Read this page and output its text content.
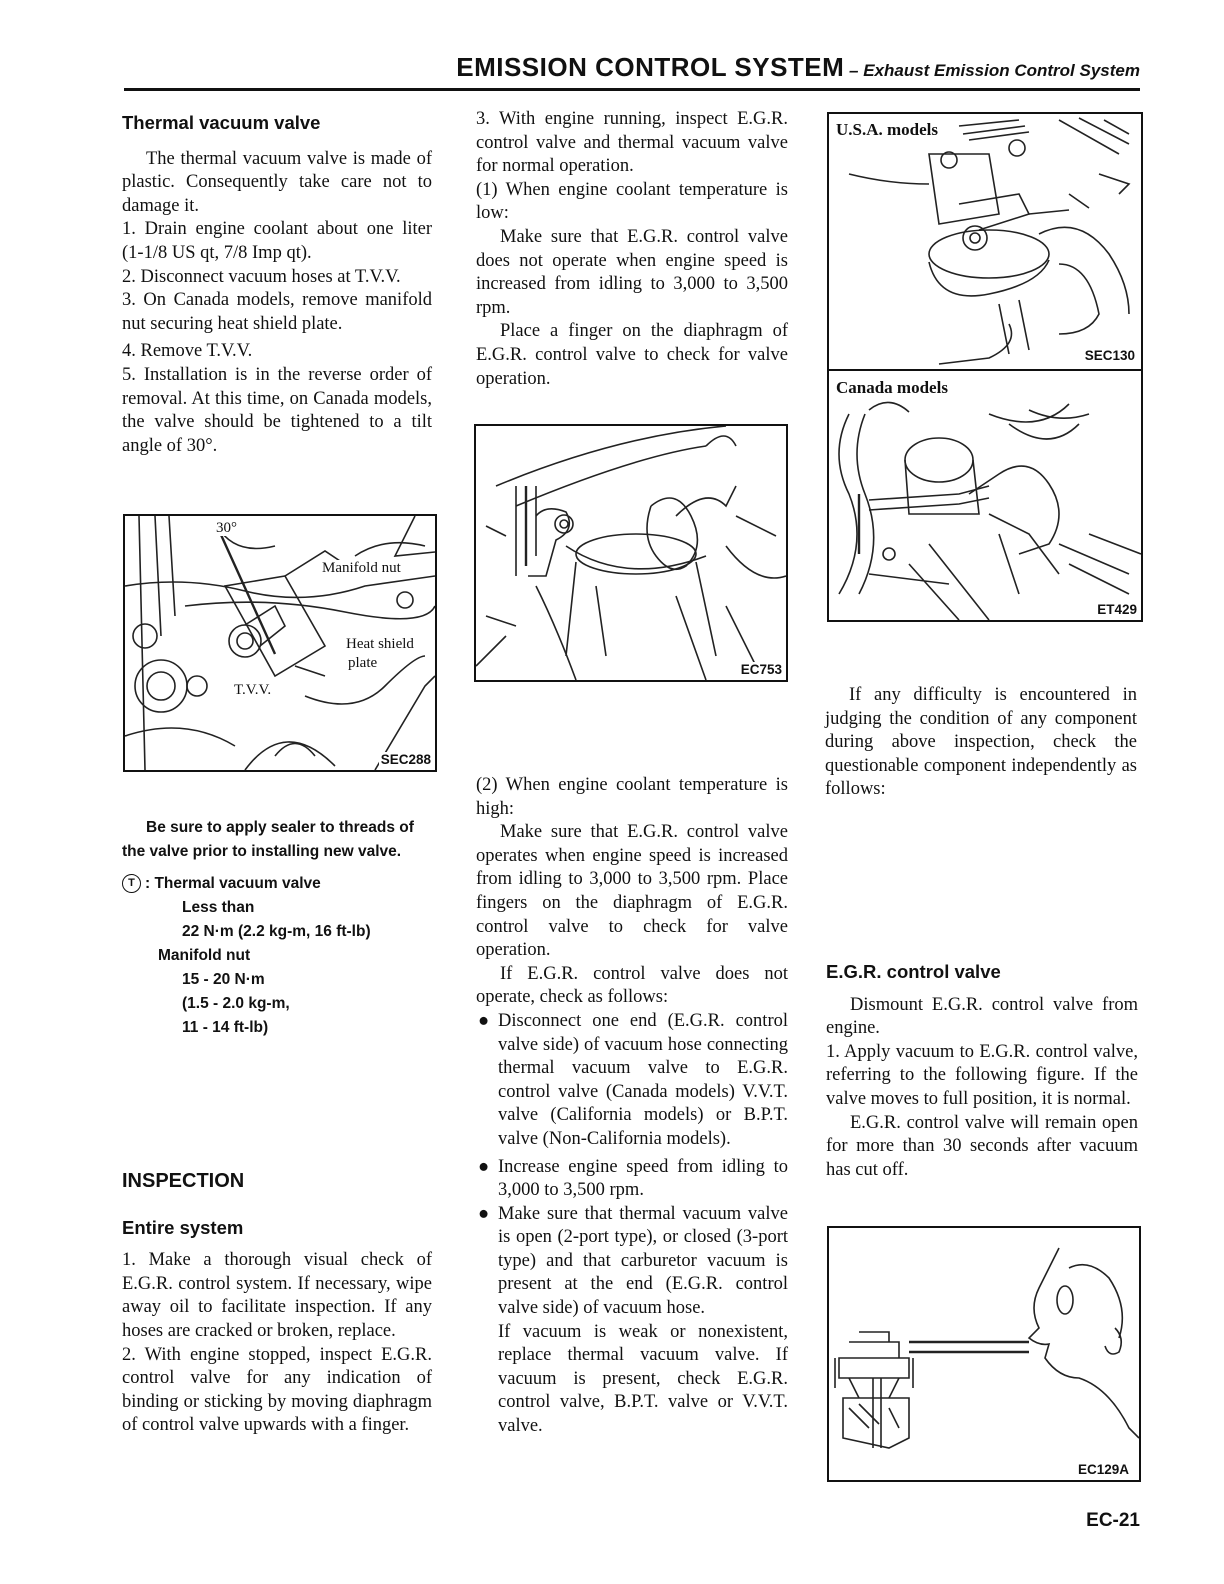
EMISSION CONTROL SYSTEM – Exhaust Emission Control System
Thermal vacuum valve

The thermal vacuum valve is made of plastic. Consequently take care not to damage it.

1. Drain engine coolant about one liter (1-1/8 US qt, 7/8 Imp qt).

2. Disconnect vacuum hoses at T.V.V.

3. On Canada models, remove manifold nut securing heat shield plate.

4. Remove T.V.V.

5. Installation is in the reverse order of removal. At this time, on Canada models, the valve should be tightened to a tilt angle of 30°.

30°
Manifold nut
Heat shield
plate
T.V.V.
SEC288
Be sure to apply sealer to threads of the valve prior to installing new valve.
T : Thermal vacuum valve
Less than
22 N·m (2.2 kg-m, 16 ft-lb)
Manifold nut
15 - 20 N·m
(1.5 - 2.0 kg-m,
11 - 14 ft-lb)
INSPECTION
Entire system

1. Make a thorough visual check of E.G.R. control system. If necessary, wipe away oil to facilitate inspection. If any hoses are cracked or broken, replace.

2. With engine stopped, inspect E.G.R. control valve for any indication of binding or sticking by moving diaphragm of control valve upwards with a finger.

3. With engine running, inspect E.G.R. control valve and thermal vacuum valve for normal operation.

(1) When engine coolant temperature is low:

Make sure that E.G.R. control valve does not operate when engine speed is increased from idling to 3,000 to 3,500 rpm.

Place a finger on the diaphragm of E.G.R. control valve to check for valve operation.

EC753

(2) When engine coolant temperature is high:

Make sure that E.G.R. control valve operates when engine speed is increased from idling to 3,000 to 3,500 rpm. Place fingers on the diaphragm of E.G.R. control valve to check for valve operation.

If E.G.R. control valve does not operate, check as follows:

● Disconnect one end (E.G.R. control valve side) of vacuum hose connecting thermal vacuum valve to E.G.R. control valve (Canada models) V.V.T. valve (California models) or B.P.T. valve (Non-California models).
● Increase engine speed from idling to 3,000 to 3,500 rpm.
● Make sure that thermal vacuum valve is open (2-port type), or closed (3-port type) and that carburetor vacuum is present at the end (E.G.R. control valve side) of vacuum hose.

If vacuum is weak or nonexistent, replace thermal vacuum valve. If vacuum is present, check E.G.R. control valve, B.P.T. valve or V.V.T. valve.

U.S.A. models
SEC130
Canada models
ET429

If any difficulty is encountered in judging the condition of any component during above inspection, check the questionable component independently as follows:

E.G.R. control valve

Dismount E.G.R. control valve from engine.

1. Apply vacuum to E.G.R. control valve, referring to the following figure. If the valve moves to full position, it is normal.

E.G.R. control valve will remain open for more than 30 seconds after vacuum has cut off.

EC129A
EC-21
